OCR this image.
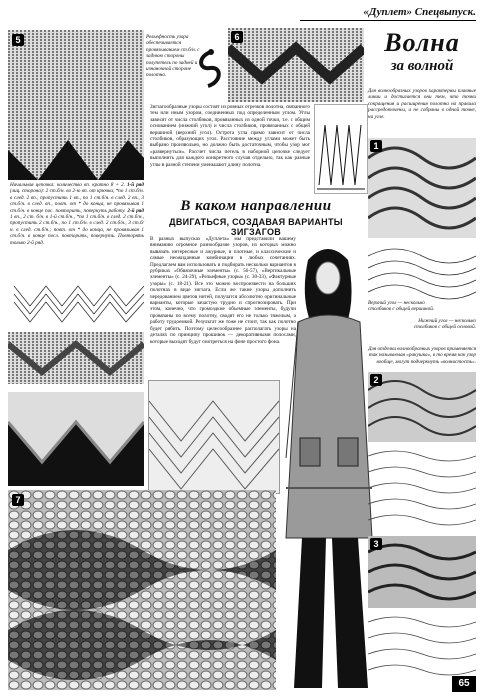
«Дуплет» Спецвыпуск.
5	Рельефность узора обеспечивается провязыванием ст.б/н. с заднюю стороны полупетель по задней и изнаночной стороне полотна.
6
Зигзагообразные узоры состоят из ровных отрезков полотна, связанного тем или иным узором, соединенных под определенным углом. Углы зависят от числа столбиков, провязанных из одной точки, т.е. с общим основанием (нижний угол) и числа столбиков, провязанных с общей вершиной (верхний угол). Острота угла прямо зависит от числа столбиков, образующих угол. Расстояние между углами может быть выбрано произвольно, но должно быть достаточным, чтобы узор мог «развернуться». Рассчет числа петель в наборной цепочке следует выполнить для каждого конкретного случая отдельно, так как разные углы в разной степени уменьшают длину полотна.
Начальная цепочка: количество вп. кратно 8 + 2. 1-й ряд (лиц. сторона): 2 ст.б/н. во 2-ю вп. от крючка, *по 1 ст.б/н. в след. 2 вп., пропустить 1 вп., по 1 ст.б/н. в след. 2 вп., 3 ст.б/н. в след. вп., повт. от * до конца, не провязывая 1 ст.б/н. в конце пос. повторить, повернуть работу. 2-й ряд 1 вп., 2 ст. б/н. в 1-й ст.б/н., *по 1 ст.б/н. в след. 2 ст.б/н., пропустить 2 ст.б/н., по 1 ст.б/н. в след. 2 ст.б/н., 3 ст.б/н. в след. ст.б/н.; повт. от * до конца, не провязывая 1 ст.б/н. в конце посл. повторить, повернуть. Повторять только 2-й ряд.
В каком направлении
ДВИГАТЬСЯ, СОЗДАВАЯ ВАРИАНТЫ ЗИГЗАГОВ
В разных выпусках «Дуплета» мы представили вашему вниманию огромное разнообразие узоров, из которых можно вывязать интересные и ажурные, и плотные, и классические и самые неожиданные комбинации в любых сочетаниях. Предлагаем вам использовать и подбирать несколько вариантов в рубриках «Обвязочные элементы» (с. 56-57), «Вертикальные элементы» (с. 24-29), «Рельефные узоры» (с. 30-33), «Фактурные узоры» (с. 18-21). Все это можно воспроизвести на больших полотнах в виде зигзага. Если же такие узоры дополнить чередованием цветов нитей, получатся абсолютно оригинальные варианты, которые зачастую трудно и спрогнозировать. При этом, конечно, что громоздкие объемные элементы, будучи провязаны по всему полотну, сводят его не только тяжелым, а работу трудоемкой. Результат же тоже не стоит, так как полотно будет рябить. Поэтому целесообразнее располагать узоры на деталях по принципу прошивок — декоративными полосами, которые выходят будут смотреться на фоне простого фона.
7
Волна
за волной
Для волнообразных узоров характерны плавные линии и достигается они тем, что точки сокращения и расширения полотна на правила рассредоточены, а не собраны в одной точке, на угле.
1
Верхний угол — несколько столбиков с общей вершиной.
Нижний угол — несколько столбиков с общей основой.
Для отделки волнообразных узоров применяется так называемая «ракушка», в то время как узор вообще, могут подчеркнуть «волнистость».
2
3
65
